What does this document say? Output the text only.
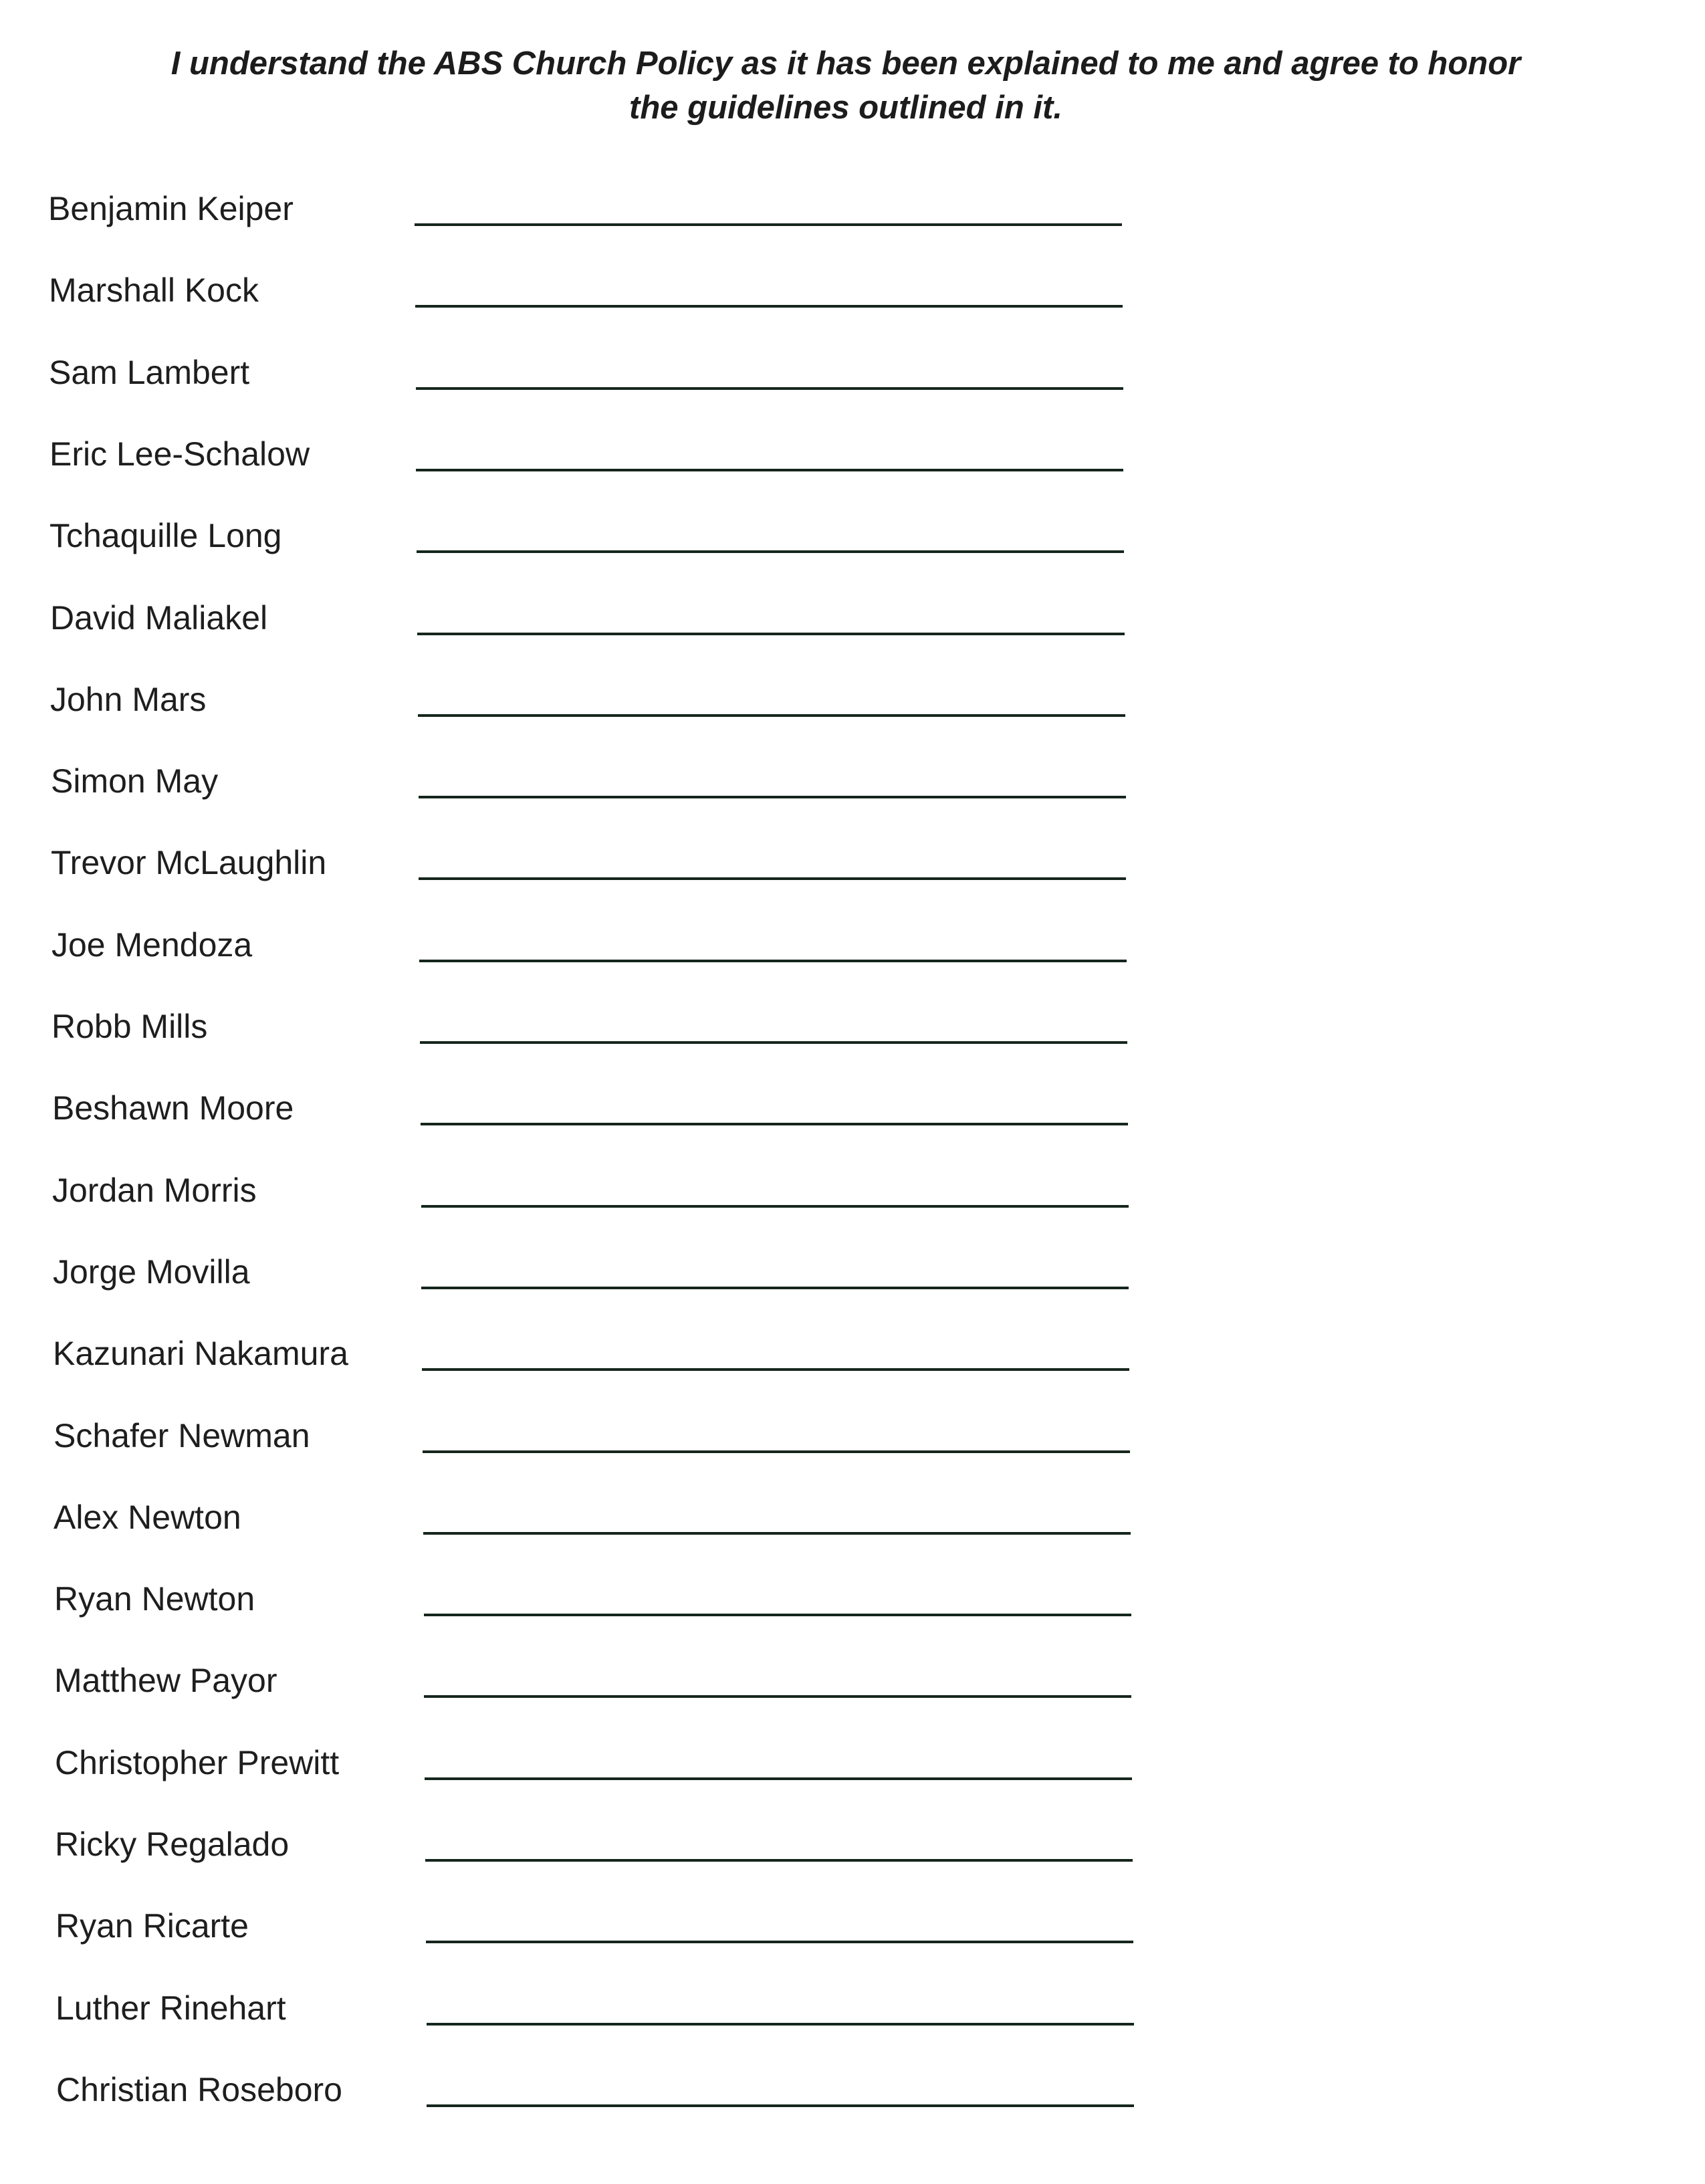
I understand the ABS Church Policy as it has been explained to me and agree to honor
the guidelines outlined in it.
Benjamin Keiper
Marshall Kock
Sam Lambert
Eric Lee-Schalow
Tchaquille Long
David Maliakel
John Mars
Simon May
Trevor McLaughlin
Joe Mendoza
Robb Mills
Beshawn Moore
Jordan Morris
Jorge Movilla
Kazunari Nakamura
Schafer Newman
Alex Newton
Ryan Newton
Matthew Payor
Christopher Prewitt
Ricky Regalado
Ryan Ricarte
Luther Rinehart
Christian Roseboro
